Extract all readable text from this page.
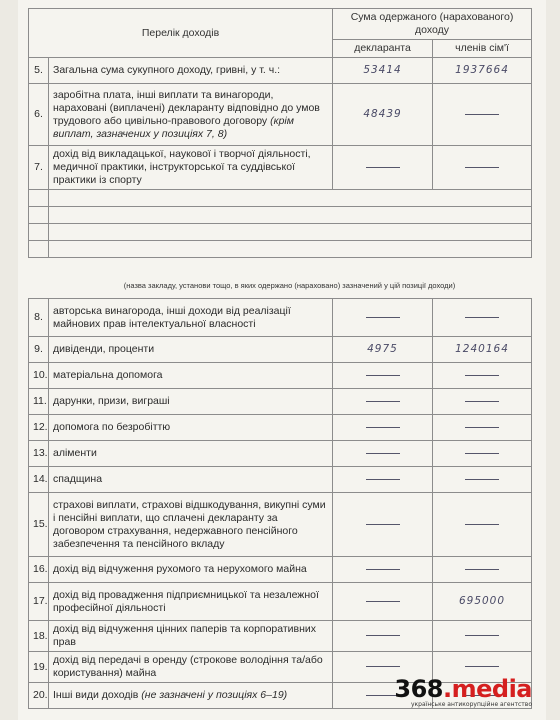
Перелік доходів		Сума одержаного (нарахованого) доходу	
		декларанта	членів сім'ї
5.	Загальна сума сукупного доходу, гривні, у т. ч.:	53414	1937664
6.	заробітна плата, інші виплати та винагороди, нараховані (виплачені) декларанту відповідно до умов трудового або цивільно-правового договору (крім виплат, зазначених у позиціях 7, 8)	48439	
7.	дохід від викладацької, наукової і творчої діяльності, медичної практики, інструкторської та суддівської практики із спорту		

(назва закладу, установи тощо, в яких одержано (нараховано) зазначений у цій позиції доходи)
8.	авторська винагорода, інші доходи від реалізації майнових прав інтелектуальної власності		
9.	дивіденди, проценти	4975	1240164
10.	матеріальна допомога		
11.	дарунки, призи, виграші		
12.	допомога по безробіттю		
13.	аліменти		
14.	спадщина		
15.	страхові виплати, страхові відшкодування, викупні суми і пенсійні виплати, що сплачені декларанту за договором страхування, недержавного пенсійного забезпечення та пенсійного вкладу		
16.	дохід від відчуження рухомого та нерухомого майна		
17.	дохід від провадження підприємницької та незалежної професійної діяльності		695000
18.	дохід від відчуження цінних паперів та корпоративних прав		
19.	дохід від передачі в оренду (строкове володіння та/або користування) майна		
20.	Інші види доходів (не зазначені у позиціях 6–19)			368.media
українське антикорупційне агентство
